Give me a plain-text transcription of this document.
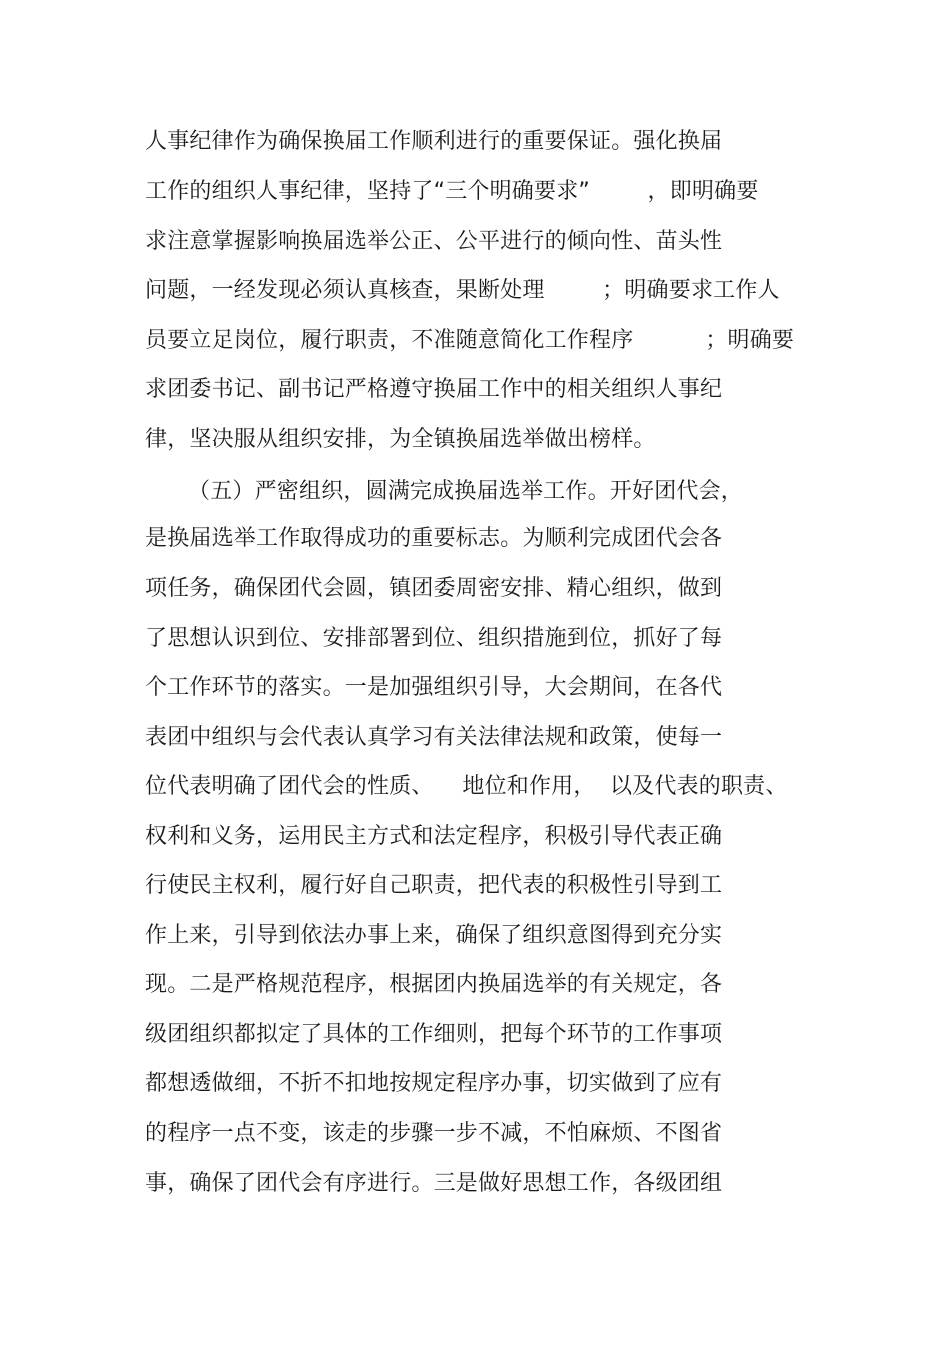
人事纪律作为确保换届工作顺利进行的重要保证。强化换届
工作的组织人事纪律，坚持了“三个明确要求”        ，即明确要
求注意掌握影响换届选举公正、公平进行的倾向性、苗头性
问题，一经发现必须认真核查，果断处理        ；明确要求工作人
员要立足岗位，履行职责，不准随意简化工作程序          ；明确要
求团委书记、副书记严格遵守换届工作中的相关组织人事纪
律，坚决服从组织安排，为全镇换届选举做出榜样。
（五）严密组织，圆满完成换届选举工作。开好团代会，
是换届选举工作取得成功的重要标志。为顺利完成团代会各
项任务，确保团代会圆，镇团委周密安排、精心组织，做到
了思想认识到位、安排部署到位、组织措施到位，抓好了每
个工作环节的落实。一是加强组织引导，大会期间，在各代
表团中组织与会代表认真学习有关法律法规和政策，使每一
位代表明确了团代会的性质、    地位和作用，  以及代表的职责、
权利和义务，运用民主方式和法定程序，积极引导代表正确
行使民主权利，履行好自己职责，把代表的积极性引导到工
作上来，引导到依法办事上来，确保了组织意图得到充分实
现。二是严格规范程序，根据团内换届选举的有关规定，各
级团组织都拟定了具体的工作细则，把每个环节的工作事项
都想透做细，不折不扣地按规定程序办事，切实做到了应有
的程序一点不变，该走的步骤一步不减，不怕麻烦、不图省
事，确保了团代会有序进行。三是做好思想工作，各级团组
